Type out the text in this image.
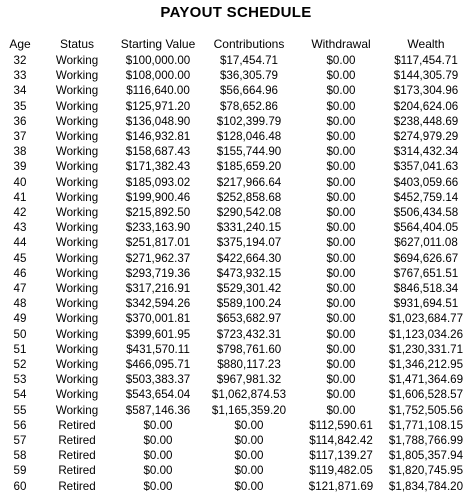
PAYOUT SCHEDULE
Age	Status	Starting Value	Contributions	Withdrawal	Wealth
32	Working	$100,000.00	$17,454.71	$0.00	$117,454.71
33	Working	$108,000.00	$36,305.79	$0.00	$144,305.79
34	Working	$116,640.00	$56,664.96	$0.00	$173,304.96
35	Working	$125,971.20	$78,652.86	$0.00	$204,624.06
36	Working	$136,048.90	$102,399.79	$0.00	$238,448.69
37	Working	$146,932.81	$128,046.48	$0.00	$274,979.29
38	Working	$158,687.43	$155,744.90	$0.00	$314,432.34
39	Working	$171,382.43	$185,659.20	$0.00	$357,041.63
40	Working	$185,093.02	$217,966.64	$0.00	$403,059.66
41	Working	$199,900.46	$252,858.68	$0.00	$452,759.14
42	Working	$215,892.50	$290,542.08	$0.00	$506,434.58
43	Working	$233,163.90	$331,240.15	$0.00	$564,404.05
44	Working	$251,817.01	$375,194.07	$0.00	$627,011.08
45	Working	$271,962.37	$422,664.30	$0.00	$694,626.67
46	Working	$293,719.36	$473,932.15	$0.00	$767,651.51
47	Working	$317,216.91	$529,301.42	$0.00	$846,518.34
48	Working	$342,594.26	$589,100.24	$0.00	$931,694.51
49	Working	$370,001.81	$653,682.97	$0.00	$1,023,684.77
50	Working	$399,601.95	$723,432.31	$0.00	$1,123,034.26
51	Working	$431,570.11	$798,761.60	$0.00	$1,230,331.71
52	Working	$466,095.71	$880,117.23	$0.00	$1,346,212.95
53	Working	$503,383.37	$967,981.32	$0.00	$1,471,364.69
54	Working	$543,654.04	$1,062,874.53	$0.00	$1,606,528.57
55	Working	$587,146.36	$1,165,359.20	$0.00	$1,752,505.56
56	Retired	$0.00	$0.00	$112,590.61	$1,771,108.15
57	Retired	$0.00	$0.00	$114,842.42	$1,788,766.99
58	Retired	$0.00	$0.00	$117,139.27	$1,805,357.94
59	Retired	$0.00	$0.00	$119,482.05	$1,820,745.95
60	Retired	$0.00	$0.00	$121,871.69	$1,834,784.20
